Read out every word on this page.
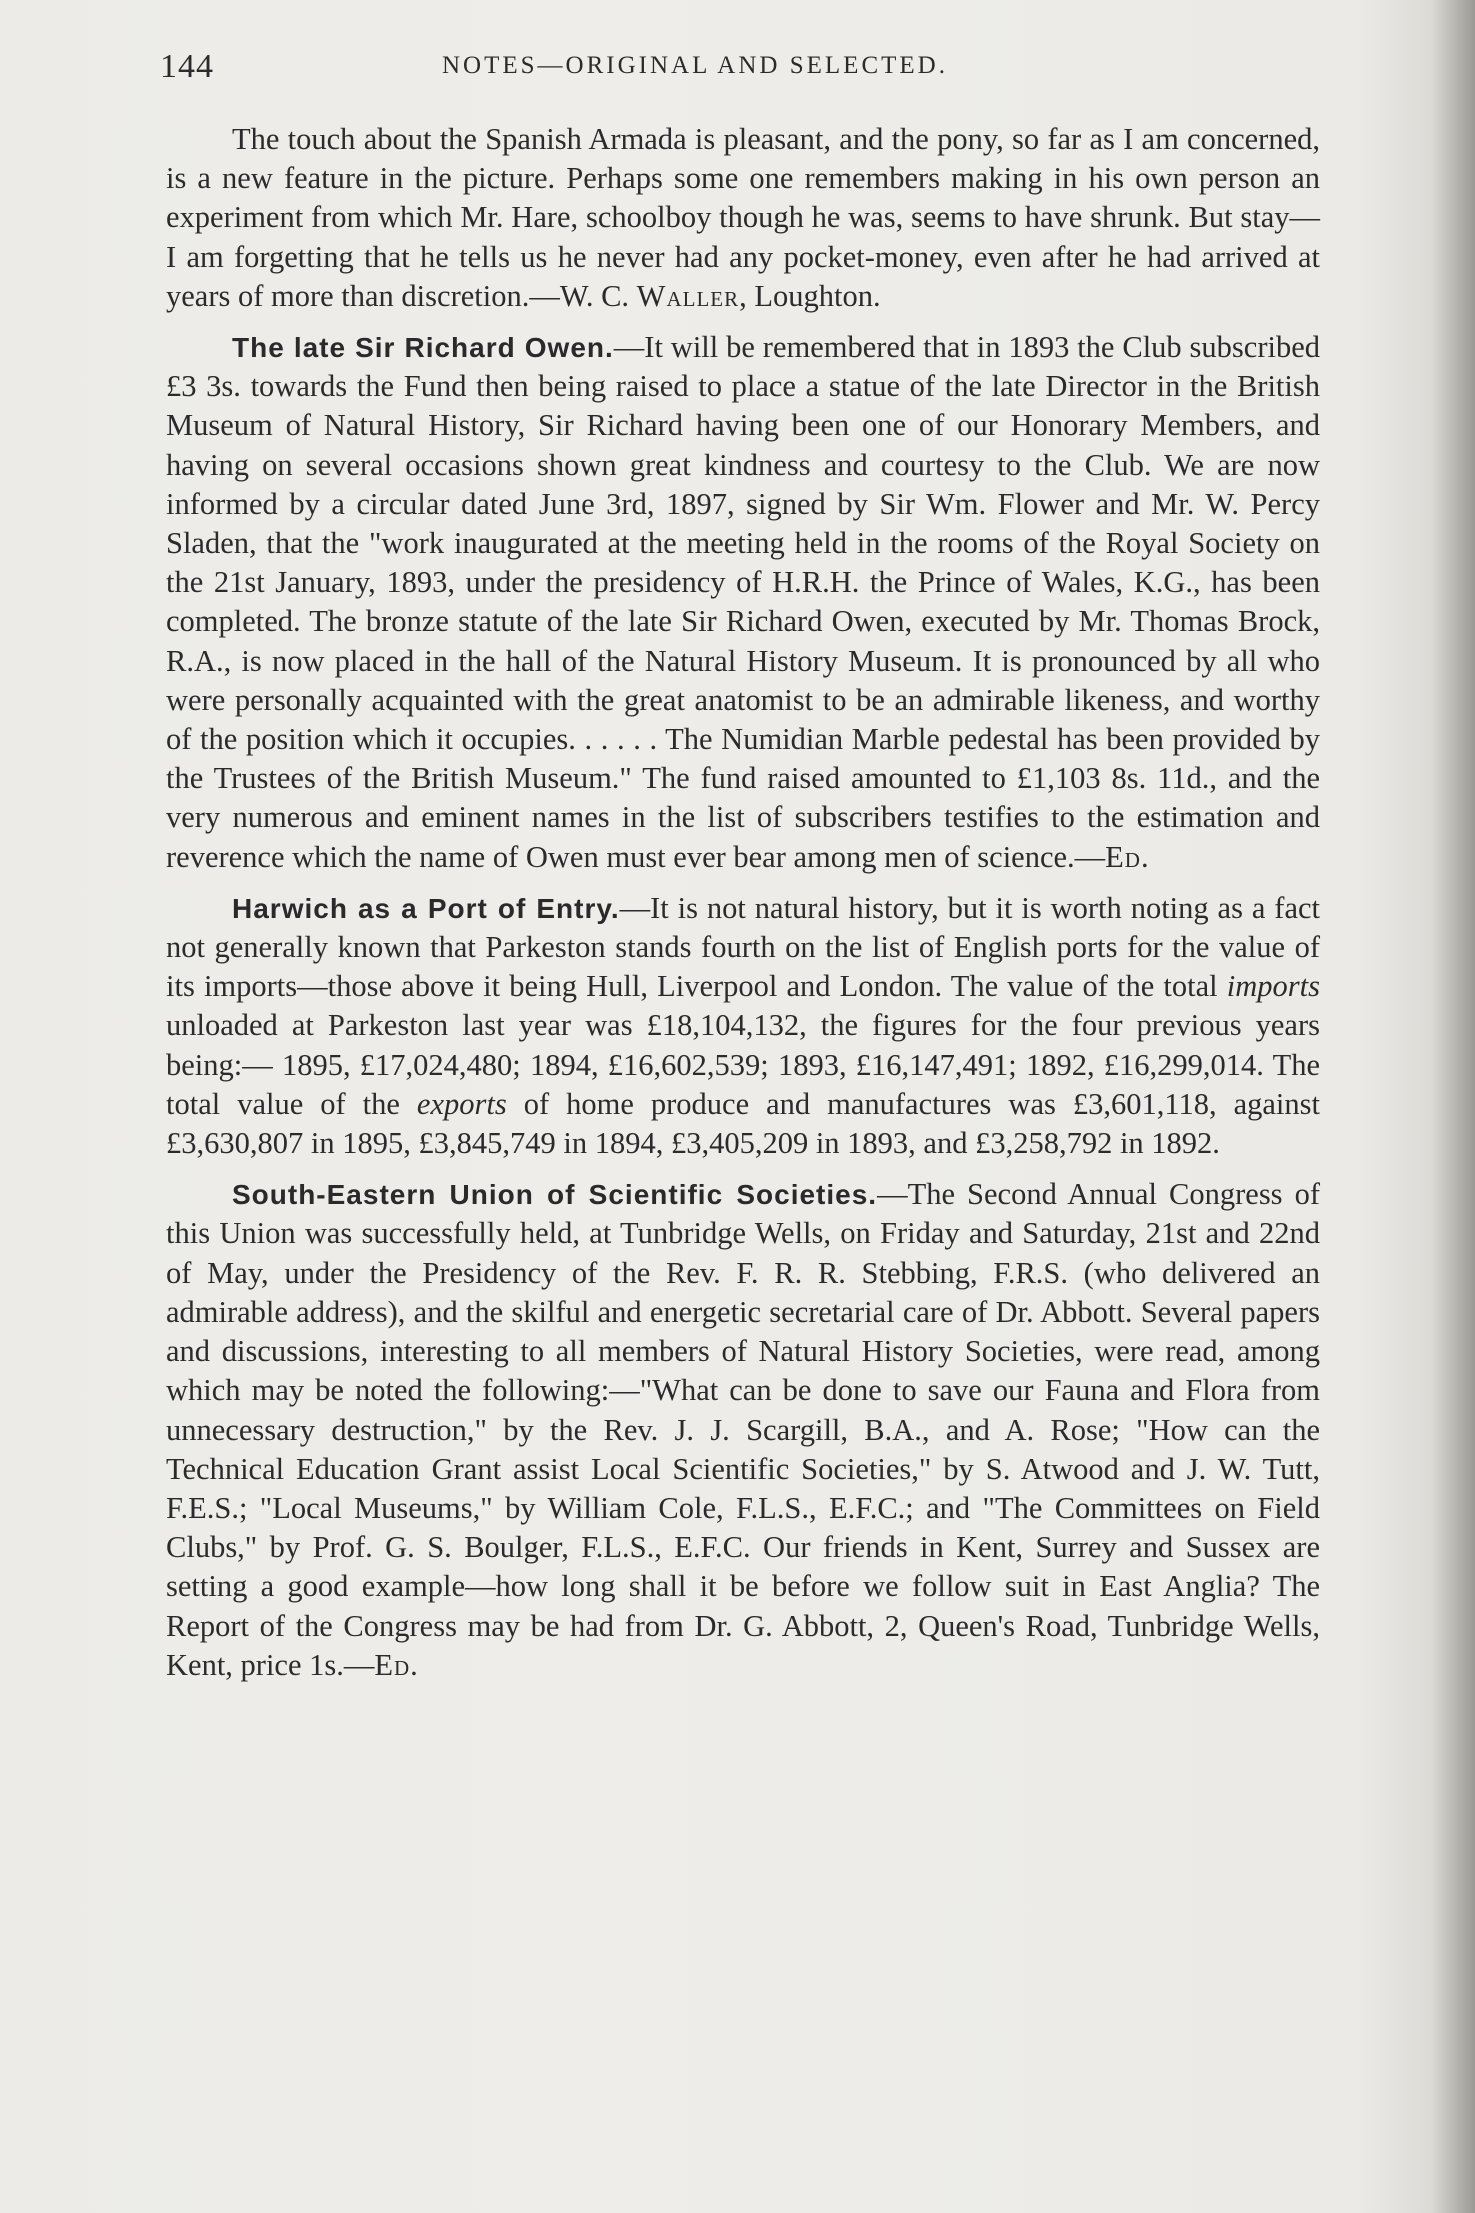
144	NOTES—ORIGINAL AND SELECTED.

The touch about the Spanish Armada is pleasant, and the pony, so far as I am concerned, is a new feature in the picture. Perhaps some one remembers making in his own person an experiment from which Mr. Hare, schoolboy though he was, seems to have shrunk. But stay—I am forgetting that he tells us he never had any pocket-money, even after he had arrived at years of more than discretion.—W. C. Waller, Loughton.

The late Sir Richard Owen.—It will be remembered that in 1893 the Club subscribed £3 3s. towards the Fund then being raised to place a statue of the late Director in the British Museum of Natural History, Sir Richard having been one of our Honorary Members, and having on several occasions shown great kindness and courtesy to the Club. We are now informed by a circular dated June 3rd, 1897, signed by Sir Wm. Flower and Mr. W. Percy Sladen, that the "work inaugurated at the meeting held in the rooms of the Royal Society on the 21st January, 1893, under the presidency of H.R.H. the Prince of Wales, K.G., has been completed. The bronze statute of the late Sir Richard Owen, executed by Mr. Thomas Brock, R.A., is now placed in the hall of the Natural History Museum. It is pronounced by all who were personally acquainted with the great anatomist to be an admirable likeness, and worthy of the position which it occupies. . . . . . The Numidian Marble pedestal has been provided by the Trustees of the British Museum." The fund raised amounted to £1,103 8s. 11d., and the very numerous and eminent names in the list of subscribers testifies to the estimation and reverence which the name of Owen must ever bear among men of science.—Ed.

Harwich as a Port of Entry.—It is not natural history, but it is worth noting as a fact not generally known that Parkeston stands fourth on the list of English ports for the value of its imports—those above it being Hull, Liverpool and London. The value of the total imports unloaded at Parkeston last year was £18,104,132, the figures for the four previous years being:— 1895, £17,024,480; 1894, £16,602,539; 1893, £16,147,491; 1892, £16,299,014. The total value of the exports of home produce and manufactures was £3,601,118, against £3,630,807 in 1895, £3,845,749 in 1894, £3,405,209 in 1893, and £3,258,792 in 1892.

South-Eastern Union of Scientific Societies.—The Second Annual Congress of this Union was successfully held, at Tunbridge Wells, on Friday and Saturday, 21st and 22nd of May, under the Presidency of the Rev. F. R. R. Stebbing, F.R.S. (who delivered an admirable address), and the skilful and energetic secretarial care of Dr. Abbott. Several papers and discussions, interesting to all members of Natural History Societies, were read, among which may be noted the following:—"What can be done to save our Fauna and Flora from unnecessary destruction," by the Rev. J. J. Scargill, B.A., and A. Rose; "How can the Technical Education Grant assist Local Scientific Societies," by S. Atwood and J. W. Tutt, F.E.S.; "Local Museums," by William Cole, F.L.S., E.F.C.; and "The Committees on Field Clubs," by Prof. G. S. Boulger, F.L.S., E.F.C. Our friends in Kent, Surrey and Sussex are setting a good example—how long shall it be before we follow suit in East Anglia? The Report of the Congress may be had from Dr. G. Abbott, 2, Queen's Road, Tunbridge Wells, Kent, price 1s.—Ed.
